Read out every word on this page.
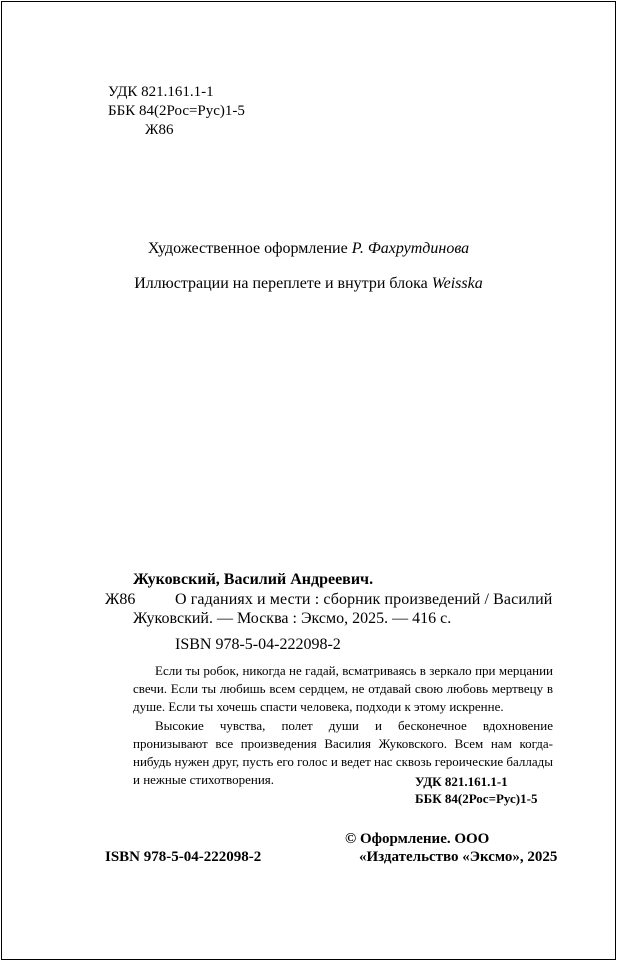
УДК 821.161.1-1
ББК 84(2Рос=Рус)1-5
Ж86
Художественное оформление Р. Фахрутдинова
Иллюстрации на переплете и внутри блока Weisska
Жуковский, Василий Андреевич.
Ж86 О гаданиях и мести : сборник произведений / Василий
Жуковский. — Москва : Эксмо, 2025. — 416 с.
ISBN 978-5-04-222098-2

Если ты робок, никогда не гадай, всматриваясь в зеркало при мерцании свечи. Если ты любишь всем сердцем, не отдавай свою любовь мертвецу в душе. Если ты хочешь спасти человека, подходи к этому искренне.

Высокие чувства, полет души и бесконечное вдохновение пронизывают все произведения Василия Жуковского. Всем нам когда-нибудь нужен друг, пусть его голос и ведет нас сквозь героические баллады и нежные стихотворения.	УДК 821.161.1-1
ББК 84(2Рос=Рус)1-5
© Оформление. ООО
ISBN 978-5-04-222098-2	«Издательство «Эксмо», 2025
